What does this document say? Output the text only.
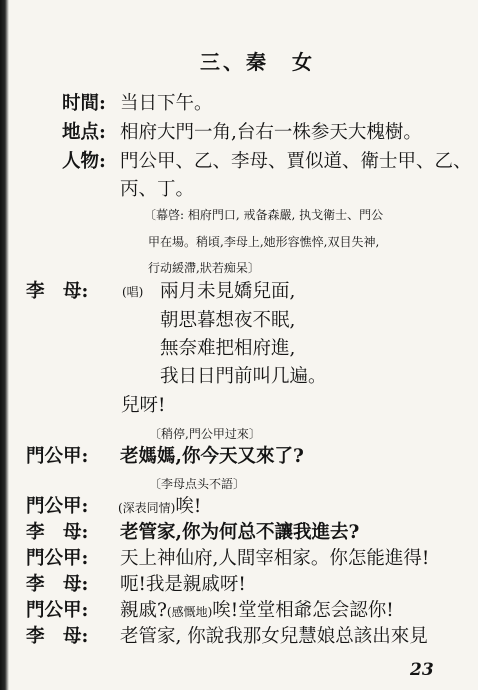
三、秦　女
时間: 当日下午。
地点: 相府大門一角,台右一株参天大槐樹。
人物: 門公甲、乙、李母、賈似道、衛士甲、乙、
丙、丁。
〔幕啓: 相府門口, 戒备森嚴, 执戈衛士、門公
甲在場。稍頃,李母上,她形容憔悴,双目失神,
行动緩滯,狀若痴呆〕
李　母:	(唱) 兩月未見嬌兒面,
朝思暮想夜不眠,
無奈难把相府進,
我日日門前叫几遍。
兒呀!
〔稍停,門公甲过來〕
門公甲: 老媽媽,你今天又來了?
〔李母点头不語〕
門公甲: (深表同情)唉!
李　母: 老管家,你为何总不讓我進去?
門公甲: 天上神仙府,人間宰相家。你怎能進得!
李　母: 呃!我是親戚呀!
門公甲: 親戚?(感慨地)唉!堂堂相爺怎会認你!
李　母: 老管家, 你說我那女兒慧娘总該出來見
23
